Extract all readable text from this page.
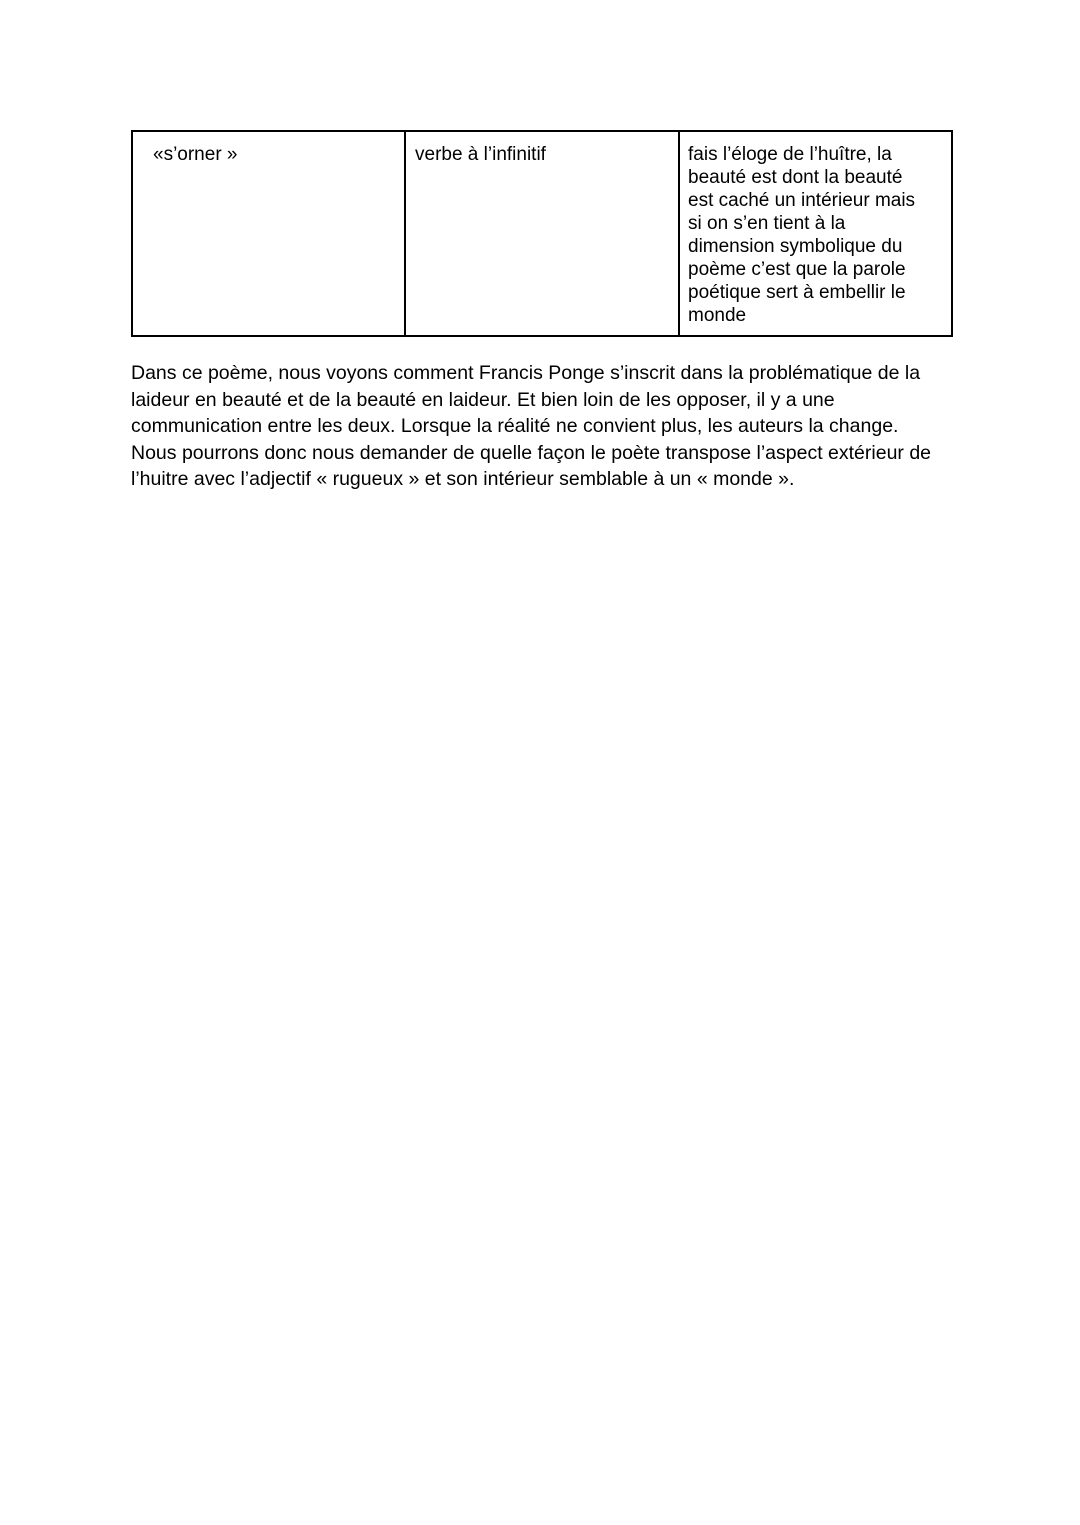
«s’orner »	verbe à l’infinitif	fais l’éloge de l’huître, la
beauté est dont la beauté
est caché un intérieur mais
si on s’en tient à la
dimension symbolique du
poème c’est que la parole
poétique sert à embellir le
monde

Dans ce poème, nous voyons comment Francis Ponge s’inscrit dans la problématique de la
laideur en beauté et de la beauté en laideur. Et bien loin de les opposer, il y a une
communication entre les deux. Lorsque la réalité ne convient plus, les auteurs la change.
Nous pourrons donc nous demander de quelle façon le poète transpose l’aspect extérieur de
l’huitre avec l’adjectif « rugueux » et son intérieur semblable à un « monde ».
